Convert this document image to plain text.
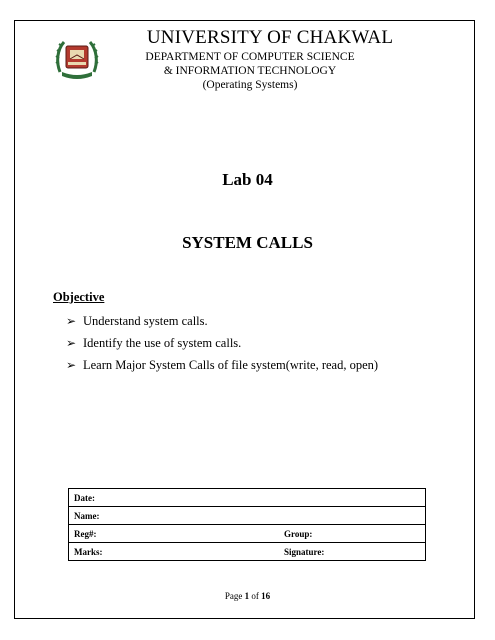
UNIVERSITY OF CHAKWAL
DEPARTMENT OF COMPUTER SCIENCE
& INFORMATION TECHNOLOGY
(Operating Systems)
Lab 04
SYSTEM CALLS
Objective
➢ Understand system calls.
➢ Identify the use of system calls.
➢ Learn Major System Calls of file system(write, read, open)
Date:	
Name:	
Reg#:	Group:
Marks:	Signature:
Page 1 of 16
